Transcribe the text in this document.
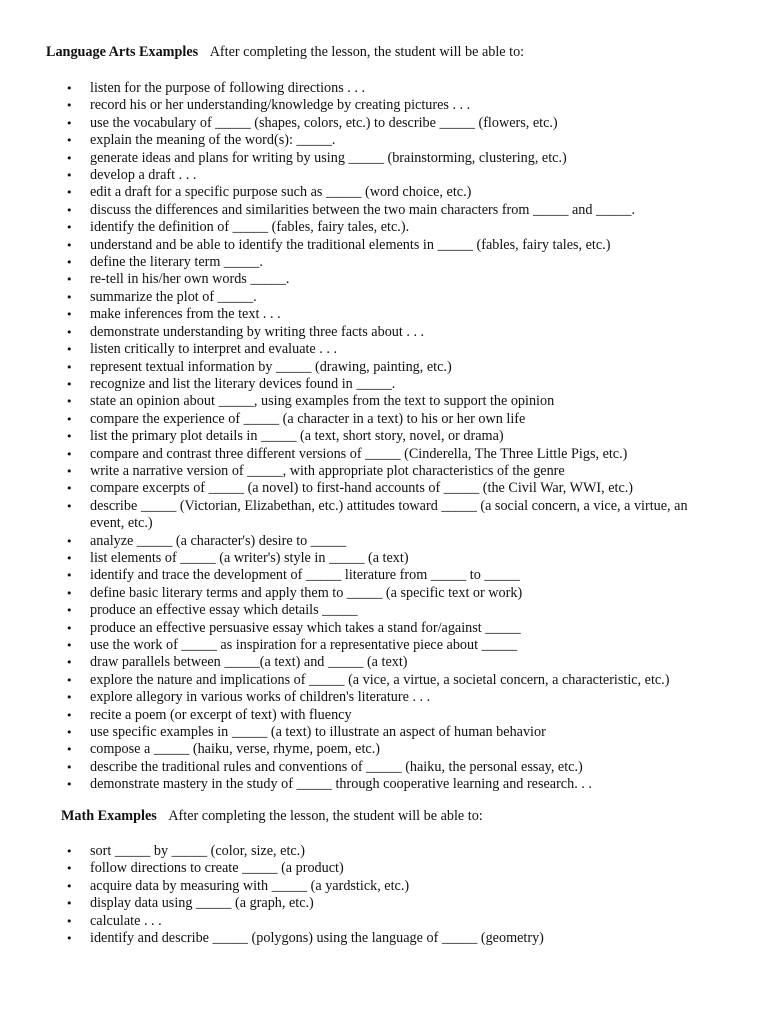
Language Arts Examples After completing the lesson, the student will be able to:
• listen for the purpose of following directions . . .
• record his or her understanding/knowledge by creating pictures . . .
• use the vocabulary of _____ (shapes, colors, etc.) to describe _____ (flowers, etc.)
• explain the meaning of the word(s): _____.
• generate ideas and plans for writing by using _____ (brainstorming, clustering, etc.)
• develop a draft . . .
• edit a draft for a specific purpose such as _____ (word choice, etc.)
• discuss the differences and similarities between the two main characters from _____ and _____.
• identify the definition of _____ (fables, fairy tales, etc.).
• understand and be able to identify the traditional elements in _____ (fables, fairy tales, etc.)
• define the literary term _____.
• re-tell in his/her own words _____.
• summarize the plot of _____.
• make inferences from the text . . .
• demonstrate understanding by writing three facts about . . .
• listen critically to interpret and evaluate . . .
• represent textual information by _____ (drawing, painting, etc.)
• recognize and list the literary devices found in _____.
• state an opinion about _____, using examples from the text to support the opinion
• compare the experience of _____ (a character in a text) to his or her own life
• list the primary plot details in _____ (a text, short story, novel, or drama)
• compare and contrast three different versions of _____ (Cinderella, The Three Little Pigs, etc.)
• write a narrative version of _____, with appropriate plot characteristics of the genre
• compare excerpts of _____ (a novel) to first-hand accounts of _____ (the Civil War, WWI, etc.)
• describe _____ (Victorian, Elizabethan, etc.) attitudes toward _____ (a social concern, a vice, a virtue, an event, etc.)
• analyze _____ (a character's) desire to _____
• list elements of _____ (a writer's) style in _____ (a text)
• identify and trace the development of _____ literature from _____ to _____
• define basic literary terms and apply them to _____ (a specific text or work)
• produce an effective essay which details _____
• produce an effective persuasive essay which takes a stand for/against _____
• use the work of _____ as inspiration for a representative piece about _____
• draw parallels between _____(a text) and _____ (a text)
• explore the nature and implications of _____ (a vice, a virtue, a societal concern, a characteristic, etc.)
• explore allegory in various works of children's literature . . .
• recite a poem (or excerpt of text) with fluency
• use specific examples in _____ (a text) to illustrate an aspect of human behavior
• compose a _____ (haiku, verse, rhyme, poem, etc.)
• describe the traditional rules and conventions of _____ (haiku, the personal essay, etc.)
• demonstrate mastery in the study of _____ through cooperative learning and research. . .
Math Examples After completing the lesson, the student will be able to:
• sort _____ by _____ (color, size, etc.)
• follow directions to create _____ (a product)
• acquire data by measuring with _____ (a yardstick, etc.)
• display data using _____ (a graph, etc.)
• calculate . . .
• identify and describe _____ (polygons) using the language of _____ (geometry)
